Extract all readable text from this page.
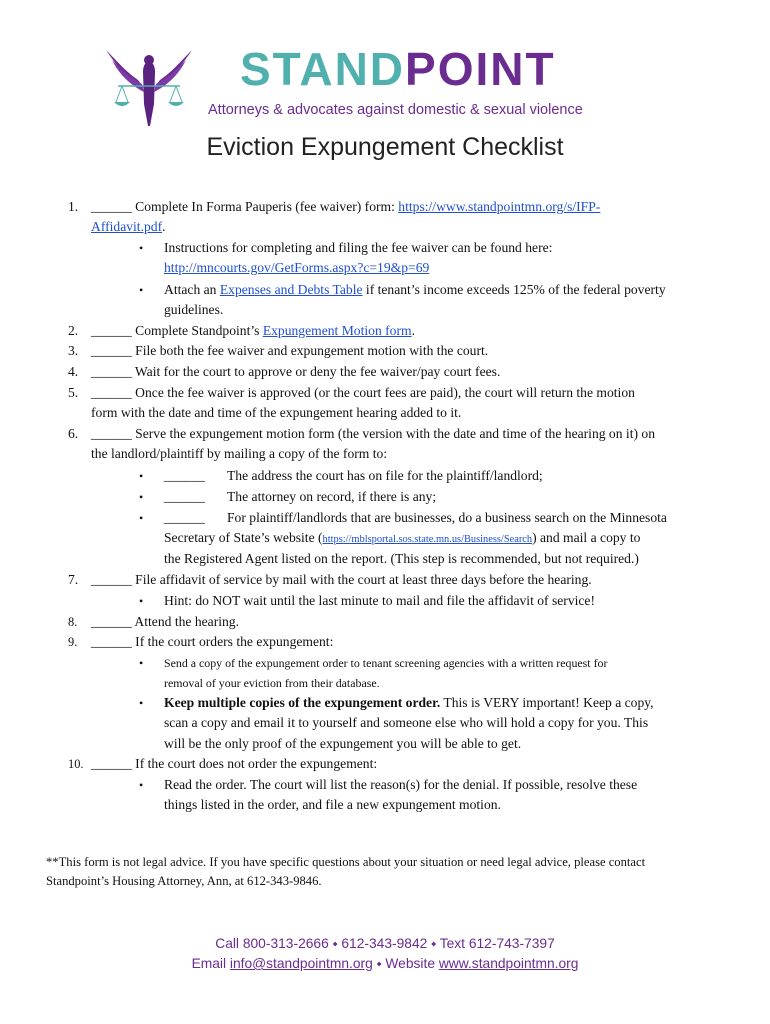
STANDPOINT
Attorneys & advocates against domestic & sexual violence
Eviction Expungement Checklist
1. ______ Complete In Forma Pauperis (fee waiver) form: https://www.standpointmn.org/s/IFP-
Affidavit.pdf.
• Instructions for completing and filing the fee waiver can be found here:
http://mncourts.gov/GetForms.aspx?c=19&p=69
• Attach an Expenses and Debts Table if tenant’s income exceeds 125% of the federal poverty
guidelines.
2. ______ Complete Standpoint’s Expungement Motion form.
3. ______ File both the fee waiver and expungement motion with the court.
4. ______ Wait for the court to approve or deny the fee waiver/pay court fees.
5. ______ Once the fee waiver is approved (or the court fees are paid), the court will return the motion
form with the date and time of the expungement hearing added to it.
6. ______ Serve the expungement motion form (the version with the date and time of the hearing on it) on
the landlord/plaintiff by mailing a copy of the form to:
• ______ The address the court has on file for the plaintiff/landlord;
• ______ The attorney on record, if there is any;
• ______ For plaintiff/landlords that are businesses, do a business search on the Minnesota
Secretary of State’s website (https://mblsportal.sos.state.mn.us/Business/Search) and mail a copy to
the Registered Agent listed on the report. (This step is recommended, but not required.)
7. ______ File affidavit of service by mail with the court at least three days before the hearing.
• Hint: do NOT wait until the last minute to mail and file the affidavit of service!
8. ______ Attend the hearing.
9. ______ If the court orders the expungement:
• Send a copy of the expungement order to tenant screening agencies with a written request for
removal of your eviction from their database.
• Keep multiple copies of the expungement order. This is VERY important! Keep a copy,
scan a copy and email it to yourself and someone else who will hold a copy for you. This
will be the only proof of the expungement you will be able to get.
10. ______ If the court does not order the expungement:
• Read the order. The court will list the reason(s) for the denial. If possible, resolve these
things listed in the order, and file a new expungement motion.
**This form is not legal advice. If you have specific questions about your situation or need legal advice, please contact
Standpoint’s Housing Attorney, Ann, at 612-343-9846.
Call 800-313-2666 ⬩ 612-343-9842 ⬩ Text 612-743-7397
Email info@standpointmn.org ⬩ Website www.standpointmn.org
